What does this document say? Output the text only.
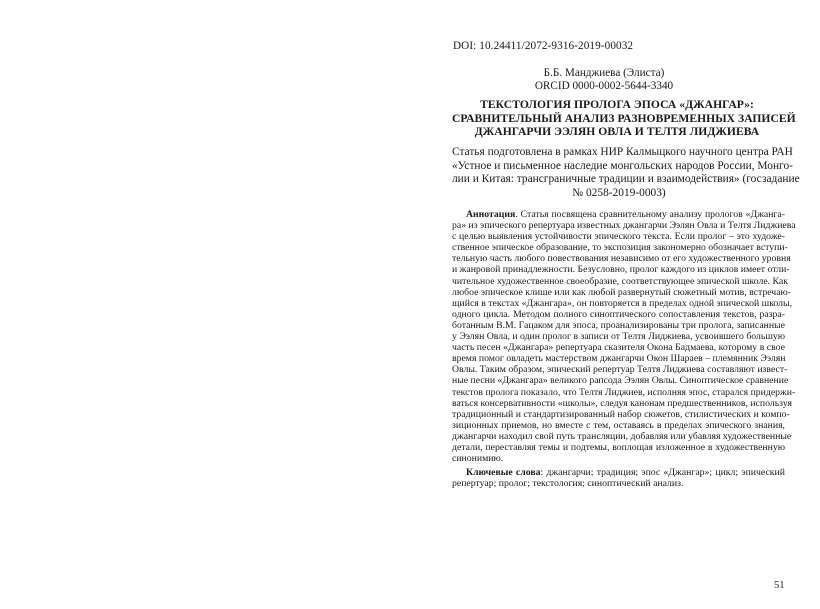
DOI: 10.24411/2072-9316-2019-00032
Б.Б. Манджиева (Элиста)
ORCID 0000-0002-5644-3340
ТЕКСТОЛОГИЯ ПРОЛОГА ЭПОСА «ДЖАНГАР»:
СРАВНИТЕЛЬНЫЙ АНАЛИЗ РАЗНОВРЕМЕННЫХ ЗАПИСЕЙ
ДЖАНГАРЧИ ЭЭЛЯН ОВЛА И ТЕЛТЯ ЛИДЖИЕВА
Статья подготовлена в рамках НИР Калмыцкого научного центра РАН
«Устное и письменное наследие монгольских народов России, Монго-
лии и Китая: трансграничные традиции и взаимодействия» (госзадание
№ 0258-2019-0003)
Аннотация. Статья посвящена сравнительному анализу прологов «Джанга-
ра» из эпического репертуара известных джангарчи Ээлян Овла и Телтя Лиджиева
с целью выявления устойчивости эпического текста. Если пролог – это художе-
ственное эпическое образование, то экспозиция закономерно обозначает вступи-
тельную часть любого повествования независимо от его художественного уровня
и жанровой принадлежности. Безусловно, пролог каждого из циклов имеет отли-
чительное художественное своеобразие, соответствующее эпической школе. Как
любое эпическое клише или как любой развернутый сюжетный мотив, встречаю-
щийся в текстах «Джангара», он повторяется в пределах одной эпической школы,
одного цикла. Методом полного синоптического сопоставления текстов, разра-
ботанным В.М. Гацаком для эпоса, проанализированы три пролога, записанные
у Ээлян Овла, и один пролог в записи от Телтя Лиджиева, усвоившего большую
часть песен «Джангара» репертуара сказителя Окона Бадмаева, которому в свое
время помог овладеть мастерством джангарчи Окон Шараев – племянник Ээлян
Овлы. Таким образом, эпический репертуар Телтя Лиджиева составляют извест-
ные песни «Джангара» великого рапсода Ээлян Овлы. Синоптическое сравнение
текстов пролога показало, что Телтя Лиджиев, исполняя эпос, старался придержи-
ваться консервативности «школы», следуя канонам предшественников, используя
традиционный и стандартизированный набор сюжетов, стилистических и компо-
зиционных приемов, но вместе с тем, оставаясь в пределах эпического знания,
джангарчи находил свой путь трансляции, добавляя или убавляя художественные
детали, переставляя темы и подтемы, воплощая изложенное в художественную
синонимию.
Ключевые слова: джангарчи; традиция; эпос «Джангар»; цикл; эпический
репертуар; пролог; текстология; синоптический анализ.
51
